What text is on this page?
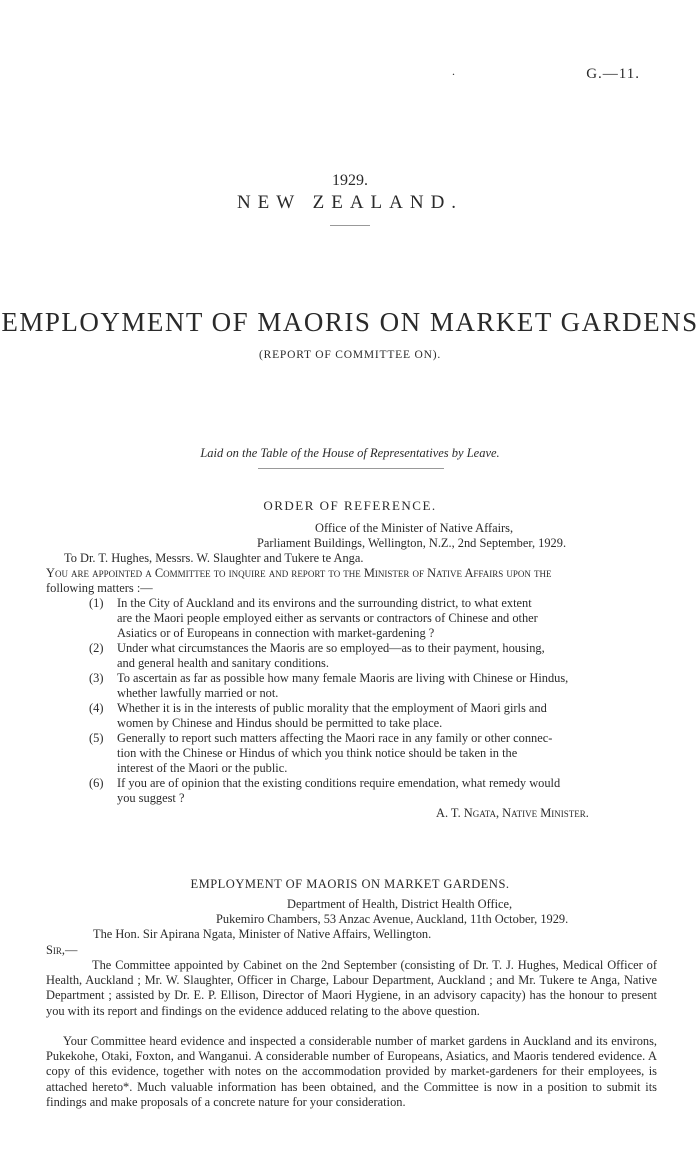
.	G.—11.
1929.
NEW ZEALAND.
EMPLOYMENT OF MAORIS ON MARKET GARDENS
(REPORT OF COMMITTEE ON).
Laid on the Table of the House of Representatives by Leave.
ORDER OF REFERENCE.
Office of the Minister of Native Affairs,
Parliament Buildings, Wellington, N.Z., 2nd September, 1929.
To Dr. T. Hughes, Messrs. W. Slaughter and Tukere te Anga.
You are appointed a Committee to inquire and report to the Minister of Native Affairs upon the
following matters :—
(1) In the City of Auckland and its environs and the surrounding district, to what extent
are the Maori people employed either as servants or contractors of Chinese and other
Asiatics or of Europeans in connection with market-gardening ?
(2) Under what circumstances the Maoris are so employed—as to their payment, housing,
and general health and sanitary conditions.
(3) To ascertain as far as possible how many female Maoris are living with Chinese or Hindus,
whether lawfully married or not.
(4) Whether it is in the interests of public morality that the employment of Maori girls and
women by Chinese and Hindus should be permitted to take place.
(5) Generally to report such matters affecting the Maori race in any family or other connec-
tion with the Chinese or Hindus of which you think notice should be taken in the
interest of the Maori or the public.
(6) If you are of opinion that the existing conditions require emendation, what remedy would
you suggest ?
A. T. Ngata, Native Minister.
EMPLOYMENT OF MAORIS ON MARKET GARDENS.
Department of Health, District Health Office,
Pukemiro Chambers, 53 Anzac Avenue, Auckland, 11th October, 1929.
The Hon. Sir Apirana Ngata, Minister of Native Affairs, Wellington.
Sir,—
The Committee appointed by Cabinet on the 2nd September (consisting of Dr. T. J. Hughes, Medical Officer of Health, Auckland ; Mr. W. Slaughter, Officer in Charge, Labour Department, Auckland ; and Mr. Tukere te Anga, Native Department ; assisted by Dr. E. P. Ellison, Director of Maori Hygiene, in an advisory capacity) has the honour to present you with its report and findings on the evidence adduced relating to the above question.
Your Committee heard evidence and inspected a considerable number of market gardens in Auckland and its environs, Pukekohe, Otaki, Foxton, and Wanganui. A considerable number of Europeans, Asiatics, and Maoris tendered evidence. A copy of this evidence, together with notes on the accommodation provided by market-gardeners for their employees, is attached hereto*. Much valuable information has been obtained, and the Committee is now in a position to submit its findings and make proposals of a concrete nature for your consideration.
